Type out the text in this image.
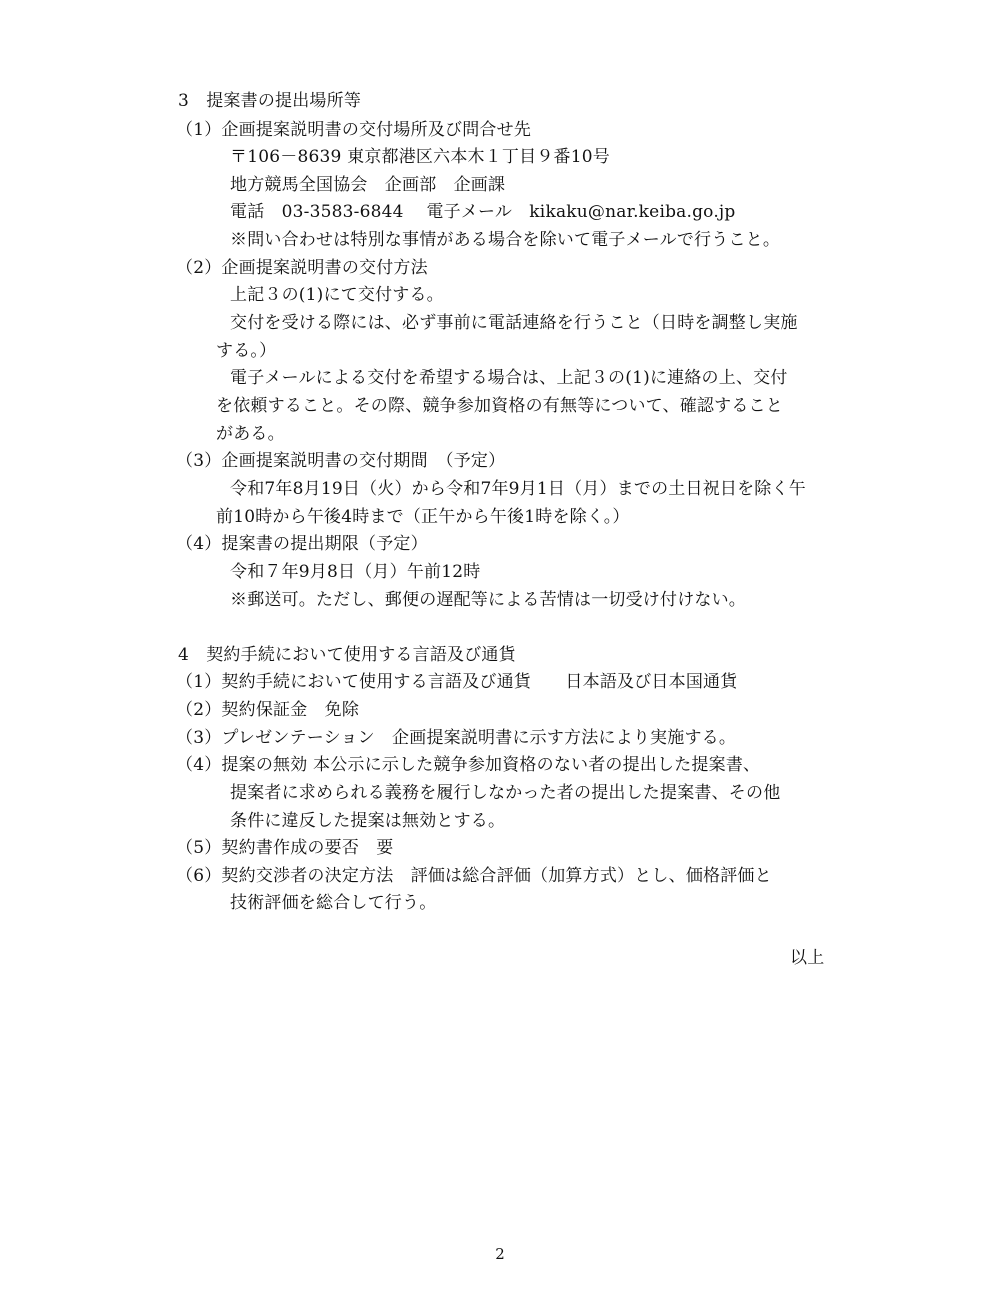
3　提案書の提出場所等
（1）企画提案説明書の交付場所及び問合せ先
〒106－8639 東京都港区六本木１丁目９番10号
地方競馬全国協会　企画部　企画課
電話　03-3583-6844　 電子メール　kikaku@nar.keiba.go.jp
※問い合わせは特別な事情がある場合を除いて電子メールで行うこと。
（2）企画提案説明書の交付方法
上記３の(1)にて交付する。
交付を受ける際には、必ず事前に電話連絡を行うこと（日時を調整し実施
する。）
電子メールによる交付を希望する場合は、上記３の(1)に連絡の上、交付
を依頼すること。その際、競争参加資格の有無等について、確認すること
がある。
（3）企画提案説明書の交付期間　（予定）
令和7年8月19日（火）から令和7年9月1日（月）までの土日祝日を除く午
前10時から午後4時まで（正午から午後1時を除く。）
（4）提案書の提出期限（予定）
令和７年9月8日（月）午前12時
※郵送可。ただし、郵便の遅配等による苦情は一切受け付けない。
4　契約手続において使用する言語及び通貨
（1）契約手続において使用する言語及び通貨　　日本語及び日本国通貨
（2）契約保証金　免除
（3）プレゼンテーション　企画提案説明書に示す方法により実施する。
（4）提案の無効 本公示に示した競争参加資格のない者の提出した提案書、
提案者に求められる義務を履行しなかった者の提出した提案書、その他
条件に違反した提案は無効とする。
（5）契約書作成の要否　要
（6）契約交渉者の決定方法　評価は総合評価（加算方式）とし、価格評価と
技術評価を総合して行う。
以上
2
